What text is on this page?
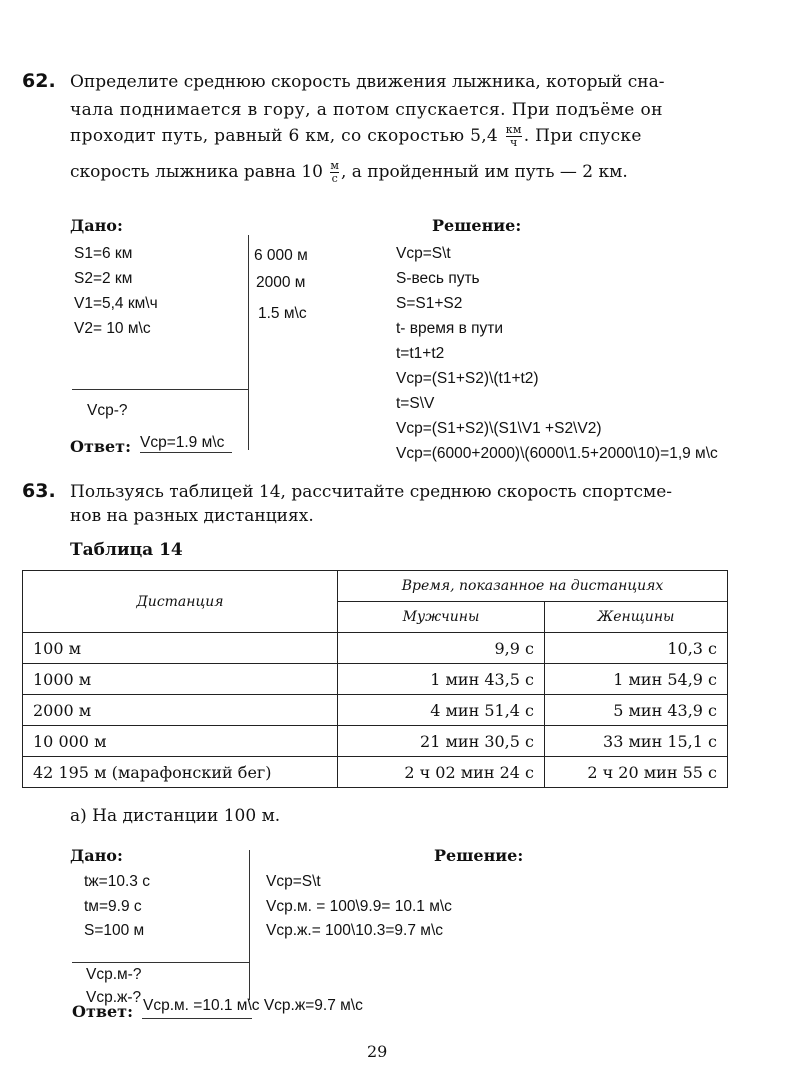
62. Определите среднюю скорость движения лыжника, который сна-
чала поднимается в гору, а потом спускается. При подъёме он
проходит путь, равный 6 км, со скоростью $5,4 \frac{км}{ч}$ . При спуске
скорость лыжника равна $10 \frac{м}{с}$ , а пройденный им путь — 2 км.
Дано:	Решение:
S1=6 км
S2=2 км
V1=5,4 км\ч
V2= 10 м\с
6 000 м
2000 м
1.5 м\с
Vср-?
Ответ: Vср=1.9 м\с
Vср=S\t
S-весь путь
S=S1+S2
t- время в пути
t=t1+t2
Vср=(S1+S2)\(t1+t2)
t=S\V
Vср=(S1+S2)\(S1\V1 +S2\V2)
Vср=(6000+2000)\(6000\1.5+2000\10)=1,9 м\с
63. Пользуясь таблицей 14, рассчитайте среднюю скорость спортсме-
нов на разных дистанциях.
Таблица 14
Дистанция	Время, показанное на дистанциях	
	Мужчины	Женщины
100 м	9,9 с	10,3 с
1000 м	1 мин 43,5 с	1 мин 54,9 с
2000 м	4 мин 51,4 с	5 мин 43,9 с
10 000 м	21 мин 30,5 с	33 мин 15,1 с
42 195 м (марафонский бег)	2 ч 02 мин 24 с	2 ч 20 мин 55 с
а) На дистанции 100 м.
Дано:	Решение:
tж=10.3 с
tм=9.9 с
S=100 м
Vср.м-?
Vср.ж-?
Ответ: Vср.м. =10.1 м\с Vср.ж=9.7 м\с
Vср=S\t
Vср.м. = 100\9.9= 10.1 м\с
Vср.ж.= 100\10.3=9.7 м\с
29
